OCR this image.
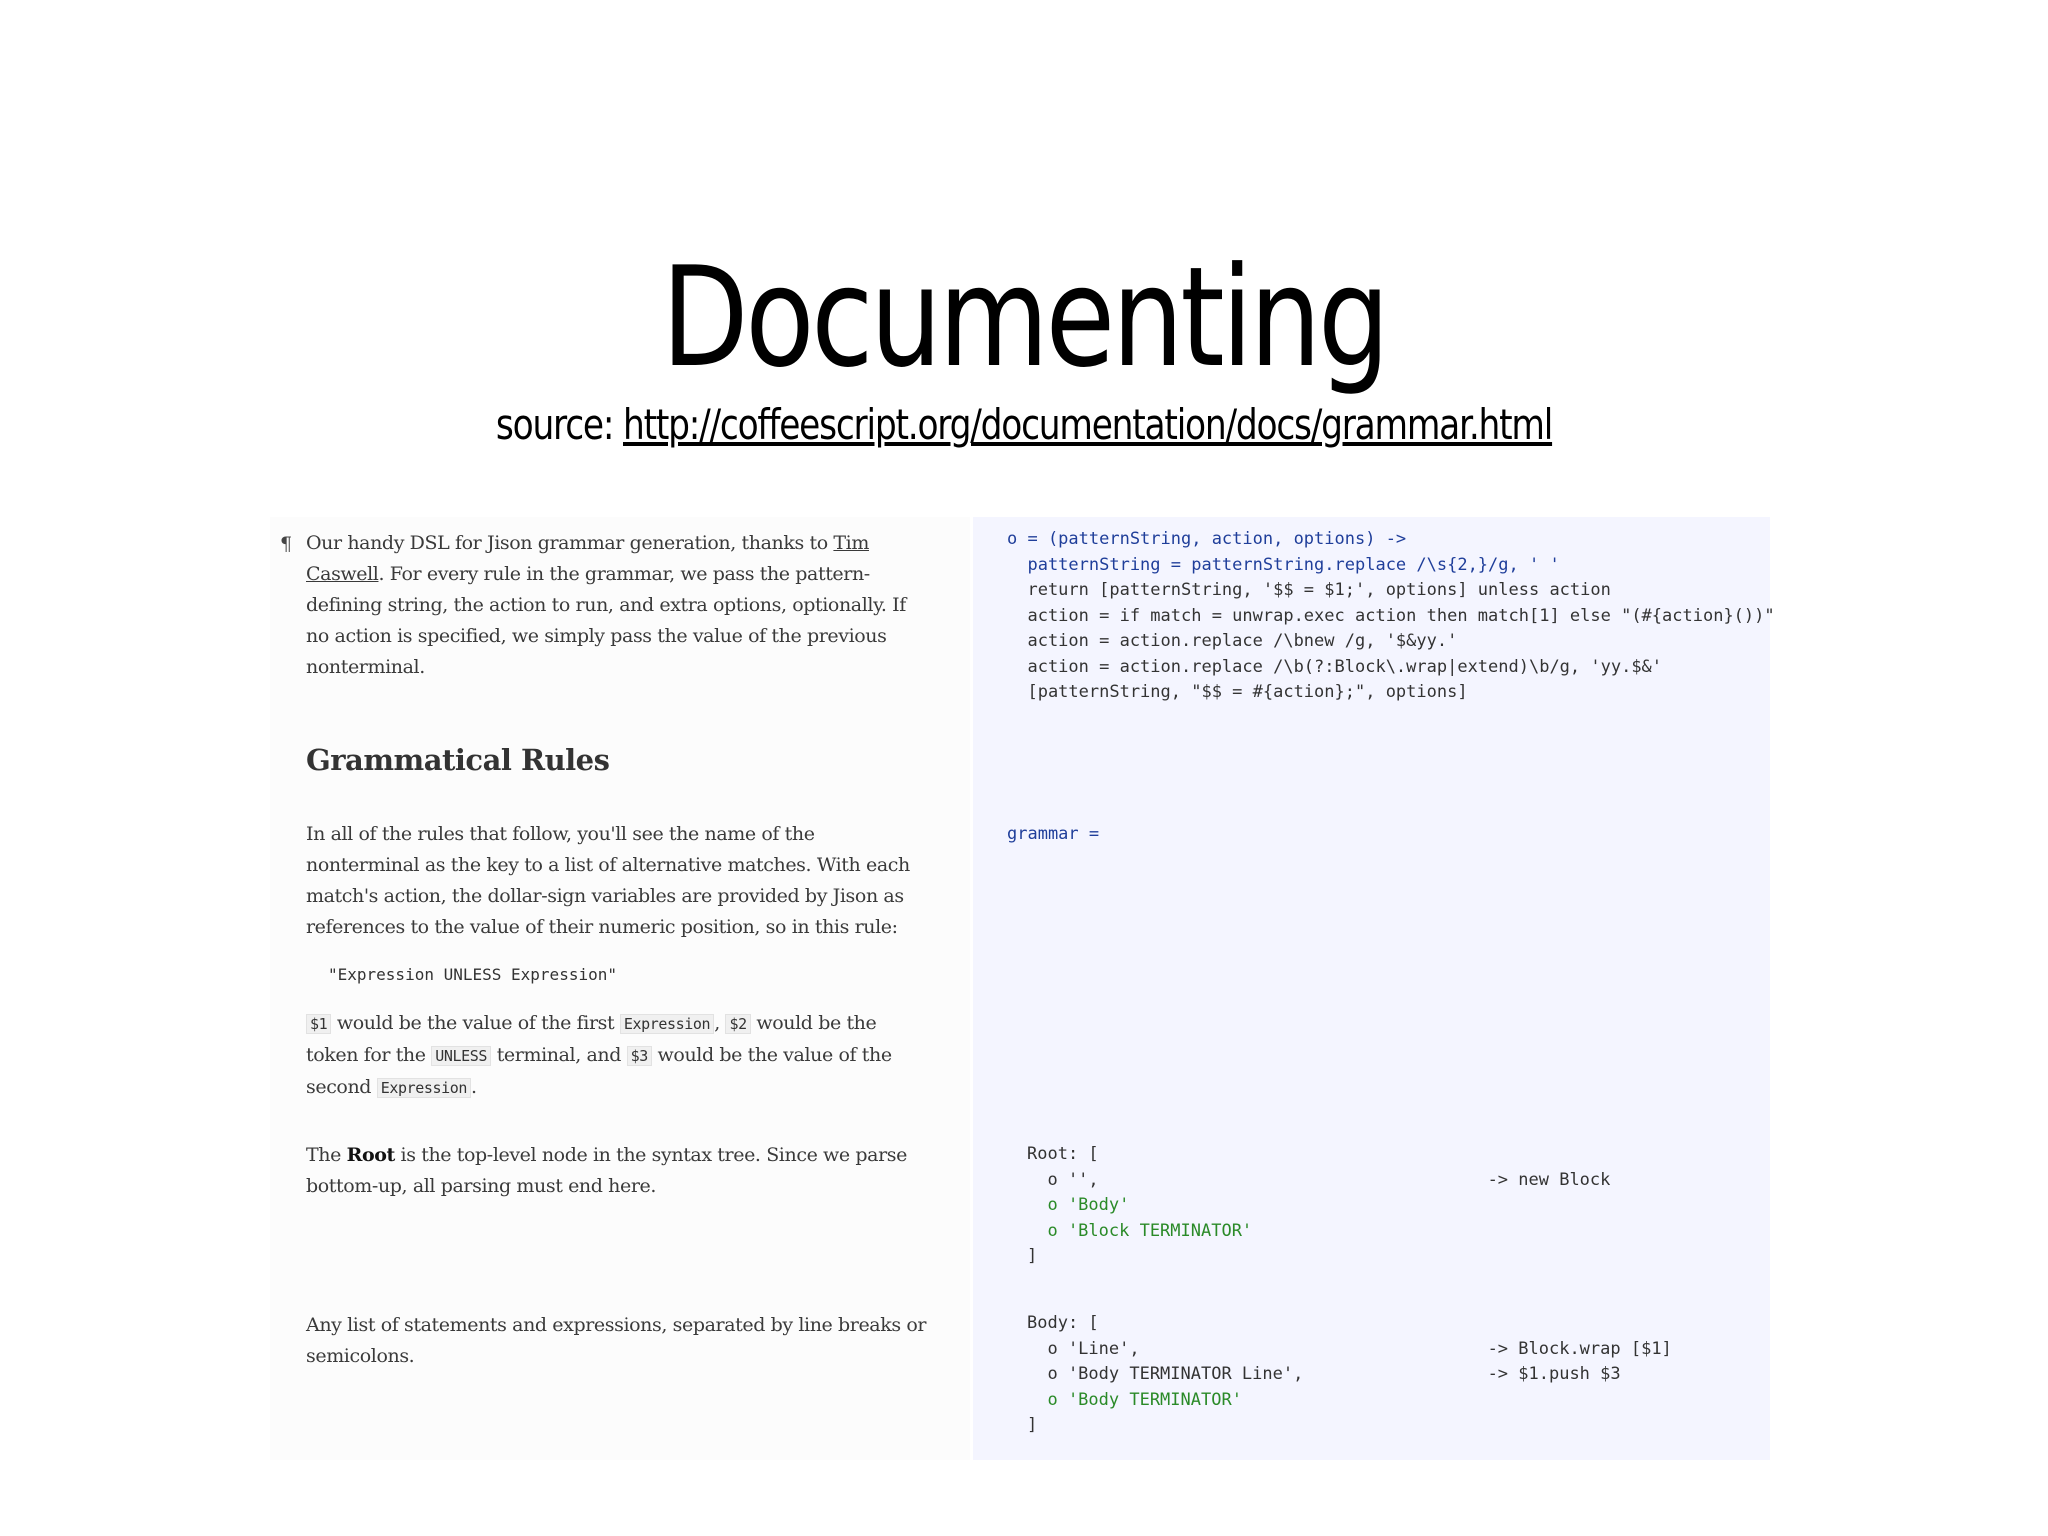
Documenting
source: http://coffeescript.org/documentation/docs/grammar.html
¶ Our handy DSL for Jison grammar generation, thanks to Tim Caswell. For every rule in the grammar, we pass the pattern-defining string, the action to run, and extra options, optionally. If no action is specified, we simply pass the value of the previous nonterminal.

Grammatical Rules

In all of the rules that follow, you'll see the name of the nonterminal as the key to a list of alternative matches. With each match's action, the dollar-sign variables are provided by Jison as references to the value of their numeric position, so in this rule:

"Expression UNLESS Expression"

$1 would be the value of the first Expression , $2 would be the token for the UNLESS terminal, and $3 would be the value of the second Expression .

The Root is the top-level node in the syntax tree. Since we parse bottom-up, all parsing must end here.

Any list of statements and expressions, separated by line breaks or semicolons.

o = (patternString, action, options) ->
patternString = patternString.replace /\s{2,}/g, ' '
return [patternString, '$$ = $1;', options] unless action
action = if match = unwrap.exec action then match[1] else "(#{action}())"
action = action.replace /\bnew /g, '$&yy.'
action = action.replace /\b(?:Block\.wrap|extend)\b/g, 'yy.$&'
[patternString, "$$ = #{action};", options]
grammar =
Root: [
o '',                                      -> new Block
o 'Body'
o 'Block TERMINATOR'
]
Body: [
o 'Line',                                  -> Block.wrap [$1]
o 'Body TERMINATOR Line',                  -> $1.push $3
o 'Body TERMINATOR'
]
